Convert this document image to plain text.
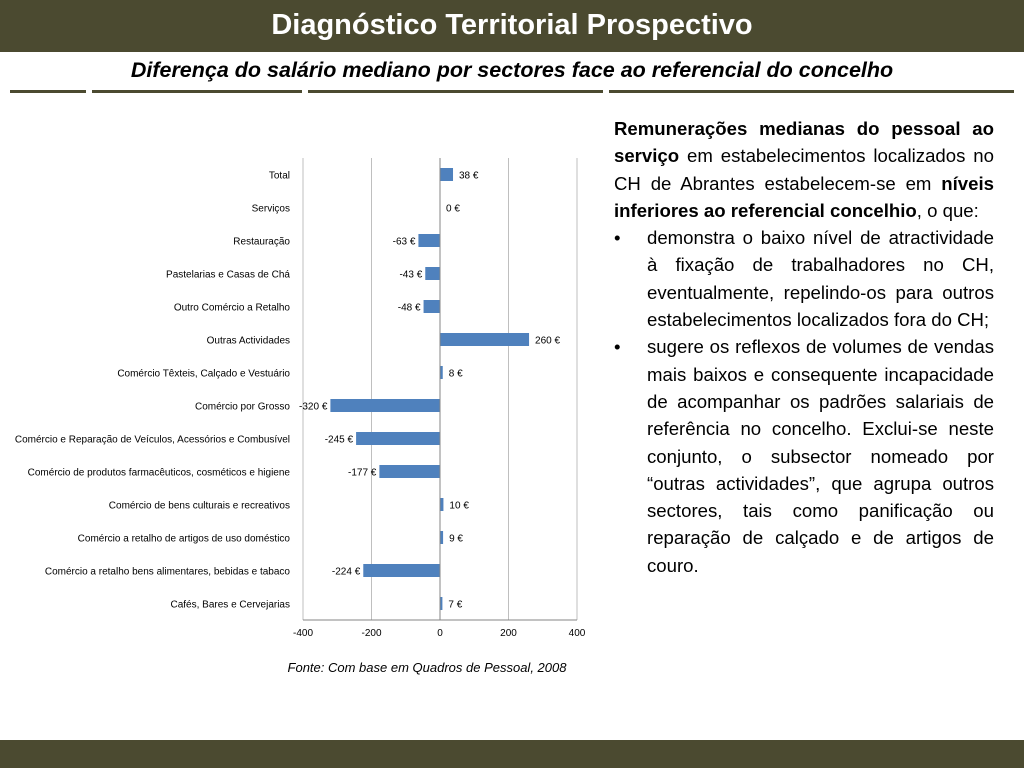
Diagnóstico Territorial Prospectivo
Diferença do salário mediano por sectores face ao referencial do concelho
-400	-200	0	200	400
Total	38 €
Serviços	0 €
Restauração	-63 €
Pastelarias e Casas de Chá	-43 €
Outro Comércio a Retalho	-48 €
Outras Actividades	260 €
Comércio Têxteis, Calçado e Vestuário	8 €
Comércio por Grosso -320 €
Comércio e Reparação de Veículos, Acessórios e Combusível	-245 €
Comércio de produtos farmacêuticos, cosméticos e higiene	-177 €
Comércio de bens culturais e recreativos	10 €
Comércio a retalho de artigos de uso doméstico	9 €
Comércio a retalho bens alimentares, bebidas e tabaco	-224 €
Cafés, Bares e Cervejarias	7 €
Fonte: Com base em Quadros de Pessoal, 2008

Remunerações medianas do pessoal ao serviço em estabelecimentos localizados no CH de Abrantes estabelecem-se em níveis inferiores ao referencial concelhio, o que:

• demonstra o baixo nível de atractividade à fixação de trabalhadores no CH, eventualmente, repelindo-os para outros estabelecimentos localizados fora do CH;
• sugere os reflexos de volumes de vendas mais baixos e consequente incapacidade de acompanhar os padrões salariais de referência no concelho. Exclui-se neste conjunto, o subsector nomeado por “outras actividades”, que agrupa outros sectores, tais como panificação ou reparação de calçado e de artigos de couro.
